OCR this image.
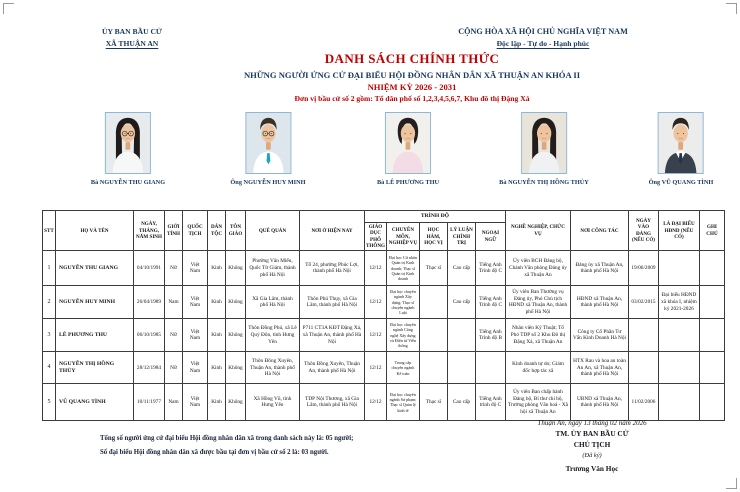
ỦY BAN BẦU CỬ
XÃ THUẬN AN
CỘNG HÒA XÃ HỘI CHỦ NGHĨA VIỆT NAM
Độc lập - Tự do - Hạnh phúc
DANH SÁCH CHÍNH THỨC
NHỮNG NGƯỜI ỨNG CỬ ĐẠI BIỂU HỘI ĐỒNG NHÂN DÂN XÃ THUẬN AN KHÓA II
NHIỆM KỲ 2026 - 2031
Đơn vị bầu cử số 2 gồm: Tổ dân phố số 1,2,3,4,5,6,7, Khu đô thị Đặng Xá
Bà NGUYỄN THU GIANG	Ông NGUYỄN HUY MINH	Bà LÊ PHƯƠNG THU	Bà NGUYỄN THỊ HỒNG THỦY	Ông VŨ QUANG TÌNH
STT	HỌ VÀ TÊN	NGÀY, THÁNG, NĂM SINH	GIỚI TÍNH	QUỐC TỊCH	DÂN TỘC	TÔN GIÁO	QUÊ QUÁN	NƠI Ở HIỆN NAY	TRÌNH ĐỘ					NGHỀ NGHIỆP, CHỨC VỤ	NƠI CÔNG TÁC	NGÀY VÀO ĐẢNG (NẾU CÓ)	LÀ ĐẠI BIỂU HĐND (NẾU CÓ)	GHI CHÚ
									GIÁO DỤC PHỔ THÔNG	CHUYÊN MÔN, NGHIỆP VỤ	HỌC HÀM, HỌC VỊ	LÝ LUẬN CHÍNH TRỊ	NGOẠI NGỮ					
1	NGUYỄN THU GIANG	04/10/1991	Nữ	Việt Nam	Kinh	Không	Phường Văn Miếu, Quốc Tử Giám, thành phố Hà Nội	Tổ 24, phường Phúc Lợi, thành phố Hà Nội	12/12	Đại học Cử nhân Quản trị Kinh doanh; Thạc sĩ Quản trị Kinh doanh	Thạc sĩ	Cao cấp	Tiếng Anh Trình độ C	Ủy viên BCH Đảng bộ, Chánh Văn phòng Đảng ủy xã Thuận An	Đảng ủy xã Thuận An, thành phố Hà Nội	19/06/2009		
2	NGUYỄN HUY MINH	26/04/1989	Nam	Việt Nam	Kinh	Không	Xã Gia Lâm, thành phố Hà Nội	Thôn Phú Thụy, xã Gia Lâm, thành phố Hà Nội	12/12	Đại học chuyên ngành Xây dựng; Thạc sĩ chuyên ngành Luật		Cao cấp	Tiếng Anh Trình độ C	Ủy viên Ban Thường vụ Đảng ủy, Phó Chủ tịch HĐND xã Thuận An, thành phố Hà Nội	HĐND xã Thuận An, thành phố Hà Nội	03/02/2015	Đại biểu HĐND xã khóa I, nhiệm kỳ 2021-2026	
3	LÊ PHƯƠNG THU	06/10/1985	Nữ	Việt Nam	Kinh	Không	Thôn Đồng Phú, xã Lê Quý Đôn, tỉnh Hưng Yên	P711 CT3A KĐT Đặng Xá, xã Thuận An, thành phố Hà Nội	12/12	Đại học chuyên ngành Công nghệ Xây dựng và Điện tử Viễn thông			Tiếng Anh Trình độ B	Nhân viên Kỹ Thuật; Tổ Phó TDP số 2 Khu Đô thị Đặng Xá, xã Thuận An	Công ty Cổ Phần Tư Vấn Kinh Doanh Hà Nội			
4	NGUYỄN THỊ HỒNG THỦY	28/12/1984	Nữ	Việt Nam	Kinh	Không	Thôn Đồng Xuyên, Thuận An, thành phố Hà Nội	Thôn Đồng Xuyên, Thuận An, thành phố Hà Nội	12/12	Trung cấp chuyên ngành Kế toán				Kinh doanh tự do; Giám đốc hợp tác xã	HTX Rau và hoa an toàn An An, xã Thuận An, thành phố Hà Nội			
5	VŨ QUANG TÌNH	10/11/1977	Nam	Việt Nam	Kinh	Không	Xã Hồng Vũ, tỉnh Hưng Yên	TDP Nội Thương, xã Gia Lâm, thành phố Hà Nội	12/12	Đại học chuyên ngành Sư phạm; Thạc sĩ Quản lý kinh tế	Thạc sĩ	Cao cấp	Tiếng Anh trình độ C	Ủy viên Ban chấp hành Đảng bộ, Bí thư chi bộ, Trưởng phòng Văn hoá - Xã hội xã Thuận An	UBND xã Thuận An, thành phố Hà Nội	11/02/2006		
Tổng số người ứng cử đại biểu Hội đồng nhân dân xã trong danh sách này là: 05 người;
Số đại biểu Hội đồng nhân dân xã được bầu tại đơn vị bầu cử số 2 là: 03 người.
Thuận An, ngày 13 tháng 02 năm 2026
TM. ỦY BAN BẦU CỬ
CHỦ TỊCH
(Đã ký)
Trương Văn Học
